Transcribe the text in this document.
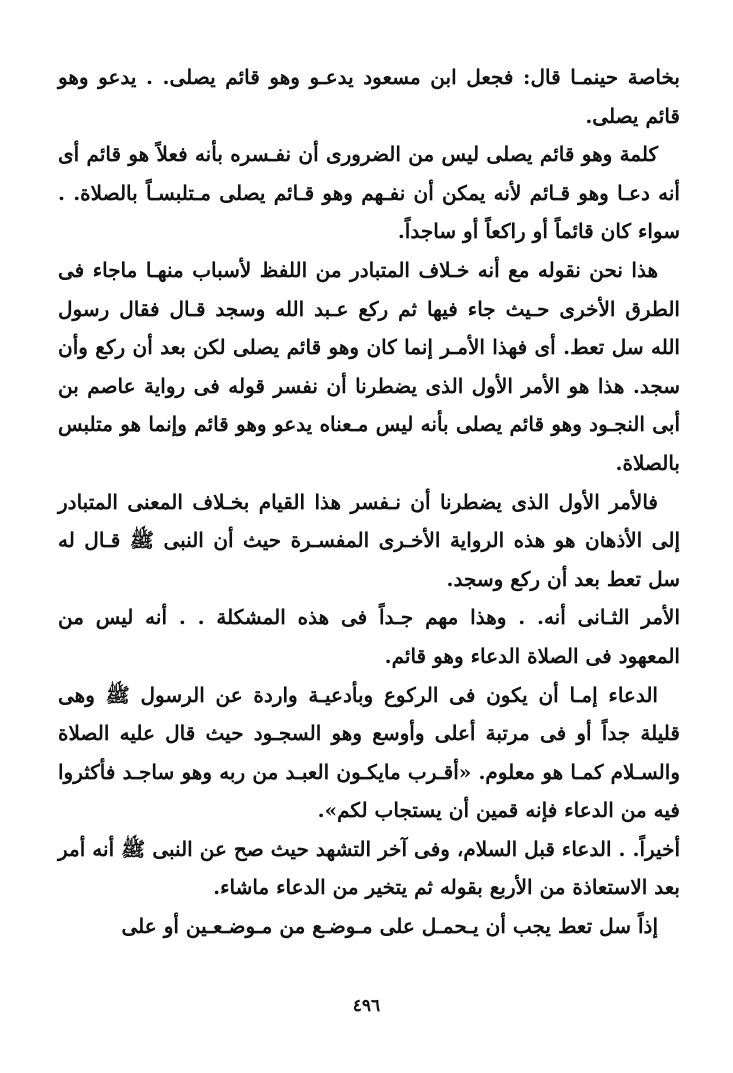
بخاصة حينمـا قال: فجعل ابن مسعود يدعـو وهو قائم يصلى. . يدعو وهو قائم يصلى.

كلمة وهو قائم يصلى ليس من الضرورى أن نفـسره بأنه فعلاً هو قائم أى أنه دعـا وهو قـائم لأنه يمكن أن نفـهم وهو قـائم يصلى مـتلبسـاً بالصلاة. . سواء كان قائماً أو راكعاً أو ساجداً.

هذا نحن نقوله مع أنه خـلاف المتبادر من اللفظ لأسباب منهـا ماجاء فى الطرق الأخرى حـيث جاء فيها ثم ركع عـبد الله وسجد قـال فقال رسول الله سل تعط. أى فهذا الأمـر إنما كان وهو قائم يصلى لكن بعد أن ركع وأن سجد. هذا هو الأمر الأول الذى يضطرنا أن نفسر قوله فى رواية عاصم بن أبى النجـود وهو قائم يصلى بأنه ليس مـعناه يدعو وهو قائم وإنما هو متلبس بالصلاة.

فالأمر الأول الذى يضطرنا أن نـفسر هذا القيام بخـلاف المعنى المتبادر إلى الأذهان هو هذه الرواية الأخـرى المفسـرة حيث أن النبى ﷺ قـال له سل تعط بعد أن ركع وسجد.

الأمر الثـانى أنه. . وهذا مهم جـداً فى هذه المشكلة . . أنه ليس من المعهود فى الصلاة الدعاء وهو قائم.

الدعاء إمـا أن يكون فى الركوع وبأدعيـة واردة عن الرسول ﷺ وهى قليلة جداً أو فى مرتبة أعلى وأوسع وهو السجـود حيث قال عليه الصلاة والسـلام كمـا هو معلوم. «أقـرب مايكـون العبـد من ربه وهو ساجـد فأكثروا فيه من الدعاء فإنه قمين أن يستجاب لكم».

أخيراً. . الدعاء قبل السلام، وفى آخر التشهد حيث صح عن النبى ﷺ أنه أمر بعد الاستعاذة من الأربع بقوله ثم يتخير من الدعاء ماشاء.

إذاً سل تعط يجب أن يـحمـل على مـوضـع من مـوضـعـين أو على

٤٩٦
